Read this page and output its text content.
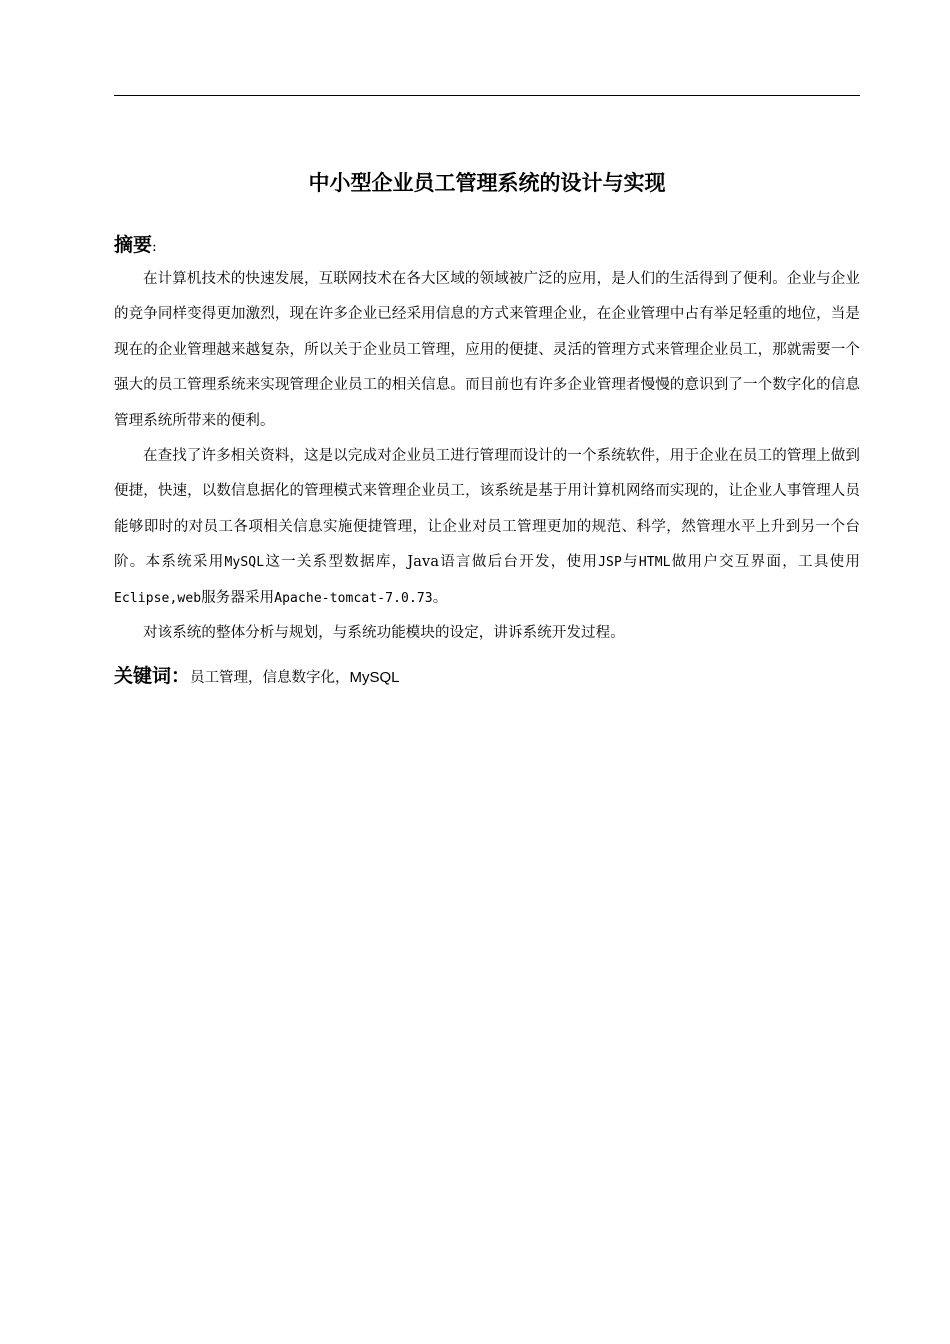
中小型企业员工管理系统的设计与实现
摘要:

在计算机技术的快速发展，互联网技术在各大区域的领域被广泛的应用，是人们的生活得到了便利。企业与企业的竞争同样变得更加激烈，现在许多企业已经采用信息的方式来管理企业，在企业管理中占有举足轻重的地位，当是现在的企业管理越来越复杂，所以关于企业员工管理，应用的便捷、灵活的管理方式来管理企业员工，那就需要一个强大的员工管理系统来实现管理企业员工的相关信息。而目前也有许多企业管理者慢慢的意识到了一个数字化的信息管理系统所带来的便利。

在查找了许多相关资料，这是以完成对企业员工进行管理而设计的一个系统软件，用于企业在员工的管理上做到便捷，快速，以数信息据化的管理模式来管理企业员工，该系统是基于用计算机网络而实现的，让企业人事管理人员能够即时的对员工各项相关信息实施便捷管理，让企业对员工管理更加的规范、科学，然管理水平上升到另一个台阶。本系统采用MySQL这一关系型数据库，Java语言做后台开发，使用JSP与HTML做用户交互界面，工具使用Eclipse,web服务器采用Apache-tomcat-7.0.73。

对该系统的整体分析与规划，与系统功能模块的设定，讲诉系统开发过程。

关键词：员工管理，信息数字化，MySQL
